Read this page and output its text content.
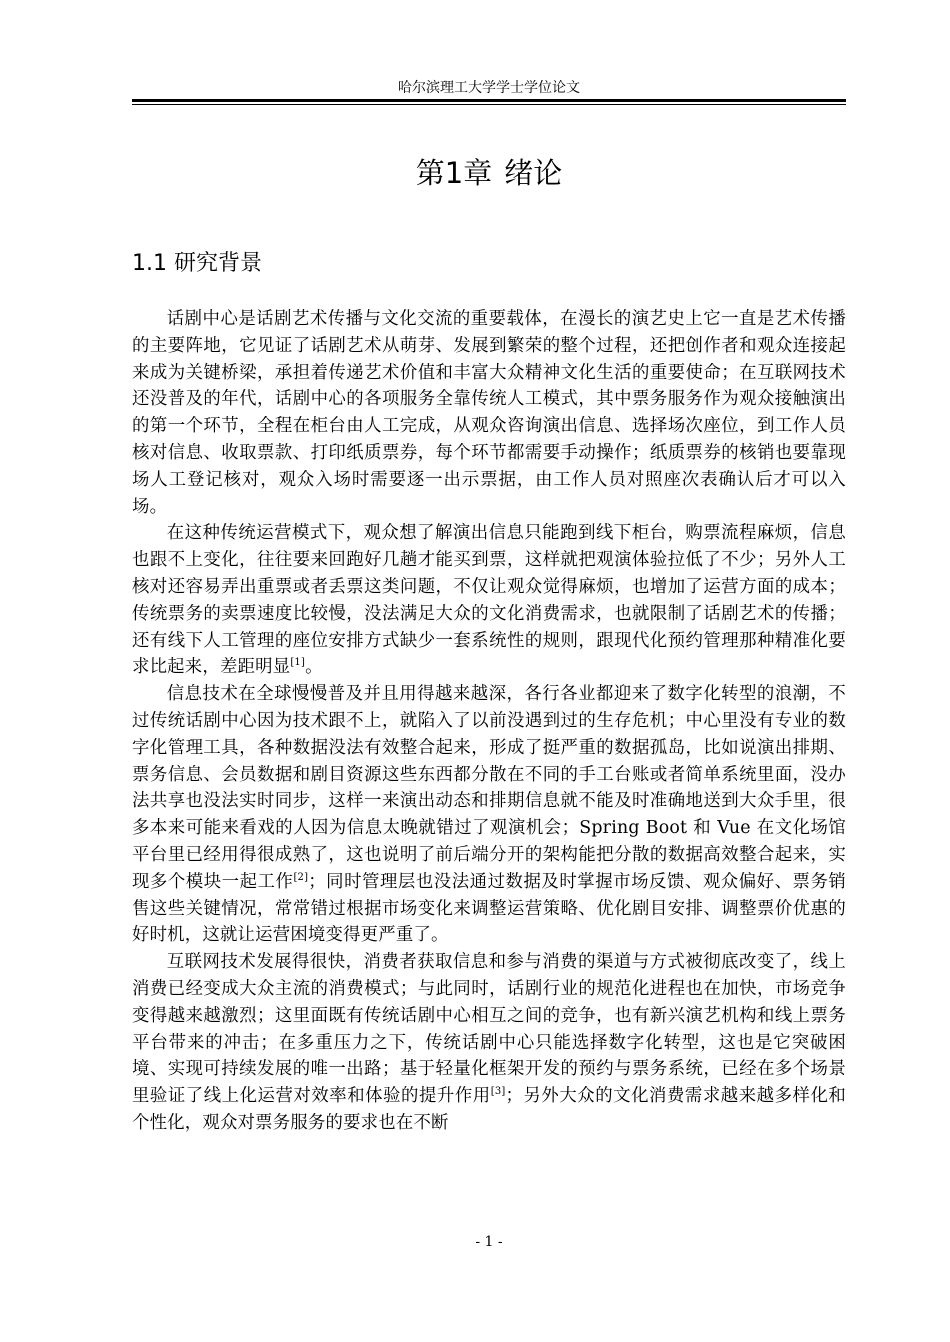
哈尔滨理工大学学士学位论文
第1章 绪论
1.1 研究背景

话剧中心是话剧艺术传播与文化交流的重要载体，在漫长的演艺史上它一直是艺术传播的主要阵地，它见证了话剧艺术从萌芽、发展到繁荣的整个过程，还把创作者和观众连接起来成为关键桥梁，承担着传递艺术价值和丰富大众精神文化生活的重要使命；在互联网技术还没普及的年代，话剧中心的各项服务全靠传统人工模式，其中票务服务作为观众接触演出的第一个环节，全程在柜台由人工完成，从观众咨询演出信息、选择场次座位，到工作人员核对信息、收取票款、打印纸质票券，每个环节都需要手动操作；纸质票券的核销也要靠现场人工登记核对，观众入场时需要逐一出示票据，由工作人员对照座次表确认后才可以入场。

在这种传统运营模式下，观众想了解演出信息只能跑到线下柜台，购票流程麻烦，信息也跟不上变化，往往要来回跑好几趟才能买到票，这样就把观演体验拉低了不少；另外人工核对还容易弄出重票或者丢票这类问题，不仅让观众觉得麻烦，也增加了运营方面的成本；传统票务的卖票速度比较慢，没法满足大众的文化消费需求，也就限制了话剧艺术的传播；还有线下人工管理的座位安排方式缺少一套系统性的规则，跟现代化预约管理那种精准化要求比起来，差距明显[1]。

信息技术在全球慢慢普及并且用得越来越深，各行各业都迎来了数字化转型的浪潮，不过传统话剧中心因为技术跟不上，就陷入了以前没遇到过的生存危机；中心里没有专业的数字化管理工具，各种数据没法有效整合起来，形成了挺严重的数据孤岛，比如说演出排期、票务信息、会员数据和剧目资源这些东西都分散在不同的手工台账或者简单系统里面，没办法共享也没法实时同步，这样一来演出动态和排期信息就不能及时准确地送到大众手里，很多本来可能来看戏的人因为信息太晚就错过了观演机会；Spring Boot 和 Vue 在文化场馆平台里已经用得很成熟了，这也说明了前后端分开的架构能把分散的数据高效整合起来，实现多个模块一起工作[2]；同时管理层也没法通过数据及时掌握市场反馈、观众偏好、票务销售这些关键情况，常常错过根据市场变化来调整运营策略、优化剧目安排、调整票价优惠的好时机，这就让运营困境变得更严重了。

互联网技术发展得很快，消费者获取信息和参与消费的渠道与方式被彻底改变了，线上消费已经变成大众主流的消费模式；与此同时，话剧行业的规范化进程也在加快，市场竞争变得越来越激烈；这里面既有传统话剧中心相互之间的竞争，也有新兴演艺机构和线上票务平台带来的冲击；在多重压力之下，传统话剧中心只能选择数字化转型，这也是它突破困境、实现可持续发展的唯一出路；基于轻量化框架开发的预约与票务系统，已经在多个场景里验证了线上化运营对效率和体验的提升作用[3]；另外大众的文化消费需求越来越多样化和个性化，观众对票务服务的要求也在不断

- 1 -
